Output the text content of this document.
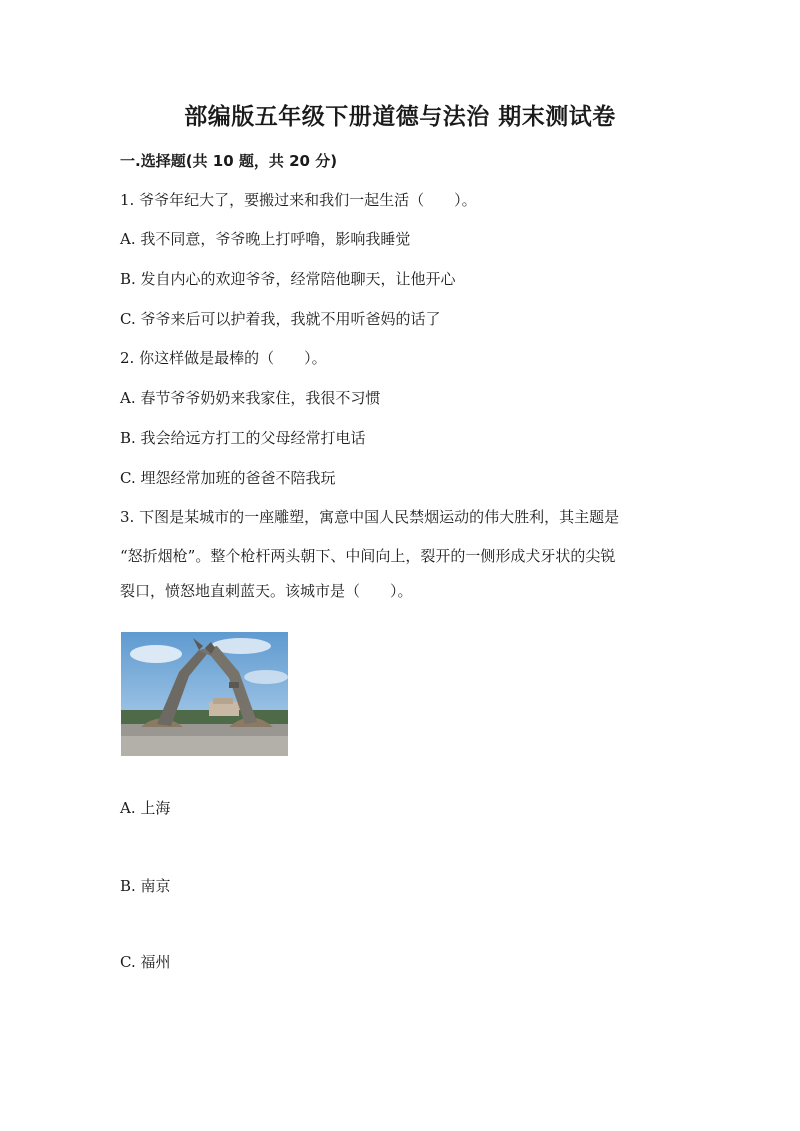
部编版五年级下册道德与法治 期末测试卷
一.选择题(共 10 题，共 20 分)
1. 爷爷年纪大了，要搬过来和我们一起生活（　　）。
A. 我不同意，爷爷晚上打呼噜，影响我睡觉
B. 发自内心的欢迎爷爷，经常陪他聊天，让他开心
C. 爷爷来后可以护着我，我就不用听爸妈的话了
2. 你这样做是最棒的（　　）。
A. 春节爷爷奶奶来我家住，我很不习惯
B. 我会给远方打工的父母经常打电话
C. 埋怨经常加班的爸爸不陪我玩
3. 下图是某城市的一座雕塑，寓意中国人民禁烟运动的伟大胜利，其主题是
“怒折烟枪”。整个枪杆两头朝下、中间向上，裂开的一侧形成犬牙状的尖锐
裂口，愤怒地直刺蓝天。该城市是（　　）。
A. 上海
B. 南京
C. 福州
